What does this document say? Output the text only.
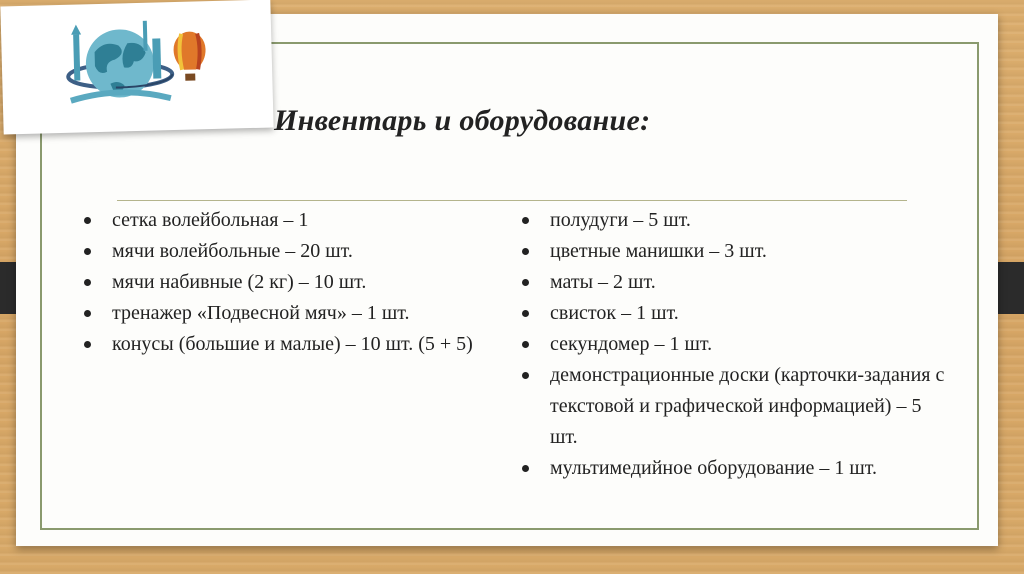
Инвентарь и оборудование:
сетка волейбольная – 1
мячи волейбольные – 20 шт.
мячи набивные (2 кг) – 10 шт.
тренажер «Подвесной мяч» – 1 шт.
конусы (большие и малые) – 10 шт. (5 + 5)
полудуги – 5 шт.
цветные манишки – 3 шт.
маты – 2 шт.
свисток – 1 шт.
секундомер – 1 шт.
демонстрационные доски (карточки-задания с текстовой и графической информацией) – 5 шт.
мультимедийное оборудование – 1 шт.
